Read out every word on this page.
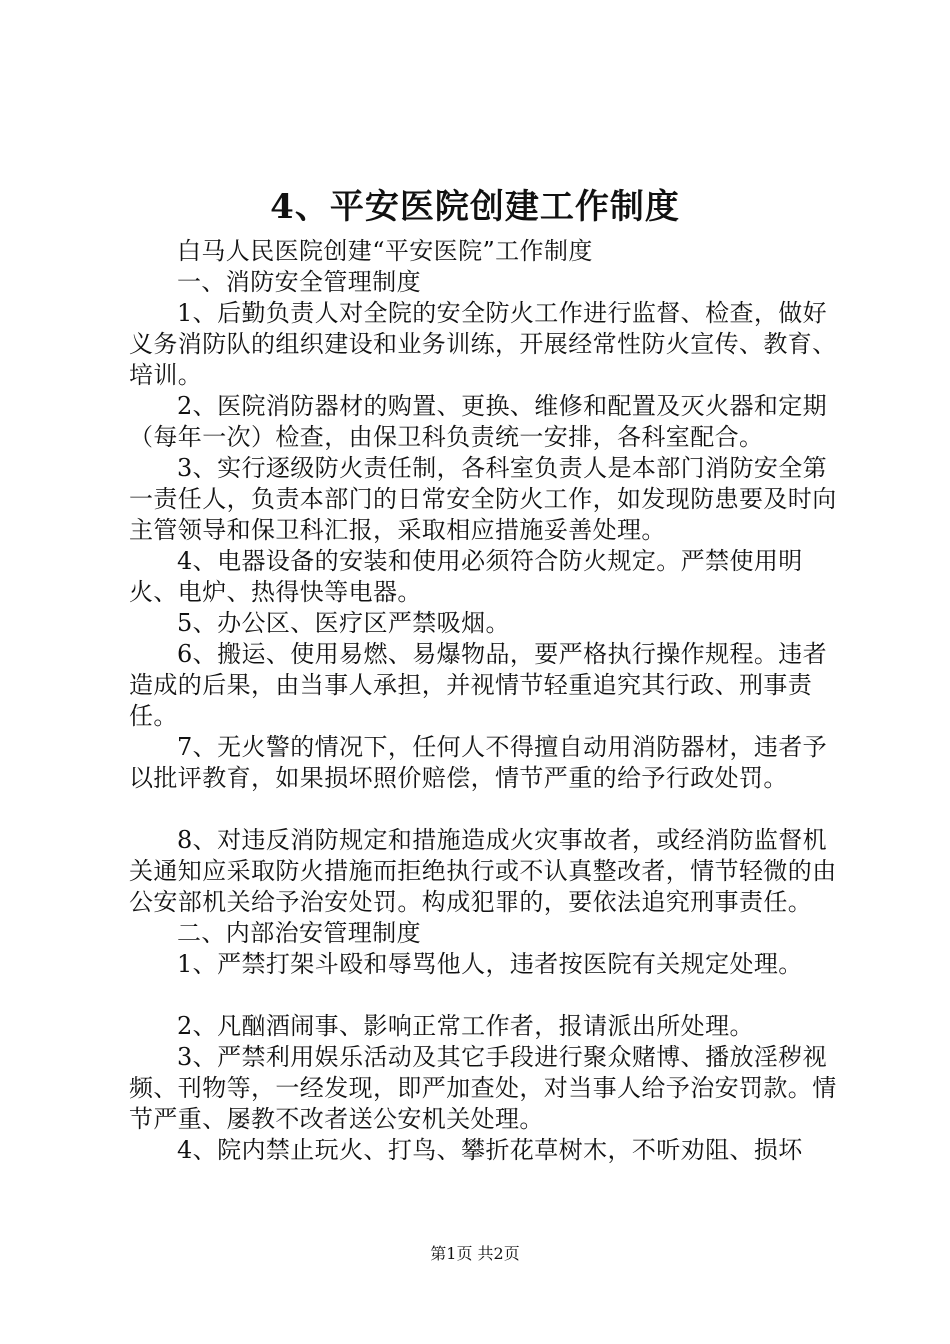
4、平安医院创建工作制度

白马人民医院创建“平安医院”工作制度

一、消防安全管理制度

1、后勤负责人对全院的安全防火工作进行监督、检查，做好义务消防队的组织建设和业务训练，开展经常性防火宣传、教育、培训。

2、医院消防器材的购置、更换、维修和配置及灭火器和定期（每年一次）检查，由保卫科负责统一安排，各科室配合。

3、实行逐级防火责任制，各科室负责人是本部门消防安全第一责任人，负责本部门的日常安全防火工作，如发现防患要及时向主管领导和保卫科汇报，采取相应措施妥善处理。

4、电器设备的安装和使用必须符合防火规定。严禁使用明火、电炉、热得快等电器。

5、办公区、医疗区严禁吸烟。

6、搬运、使用易燃、易爆物品，要严格执行操作规程。违者造成的后果，由当事人承担，并视情节轻重追究其行政、刑事责任。

7、无火警的情况下，任何人不得擅自动用消防器材，违者予以批评教育，如果损坏照价赔偿，情节严重的给予行政处罚。

8、对违反消防规定和措施造成火灾事故者，或经消防监督机关通知应采取防火措施而拒绝执行或不认真整改者，情节轻微的由公安部机关给予治安处罚。构成犯罪的，要依法追究刑事责任。

二、内部治安管理制度

1、严禁打架斗殴和辱骂他人，违者按医院有关规定处理。

2、凡酗酒闹事、影响正常工作者，报请派出所处理。

3、严禁利用娱乐活动及其它手段进行聚众赌博、播放淫秽视频、刊物等，一经发现，即严加查处，对当事人给予治安罚款。情节严重、屡教不改者送公安机关处理。

4、院内禁止玩火、打鸟、攀折花草树木，不听劝阻、损坏

第1页 共2页
